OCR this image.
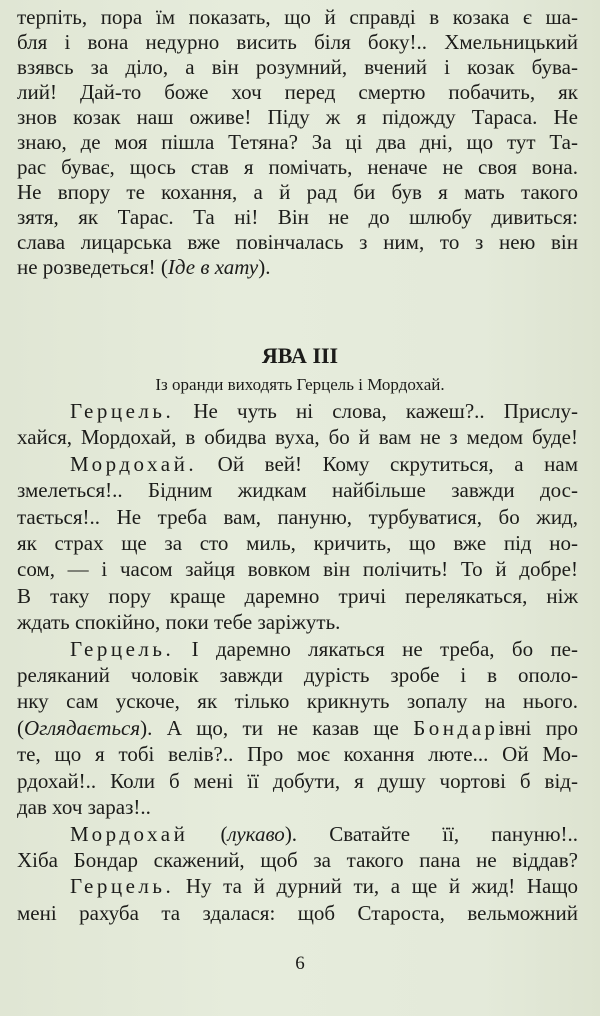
терпіть, пора їм показать, що й справді в козака є ша-
бля і вона недурно висить біля боку!.. Хмельницький
взявсь за діло, а він розумний, вчений і козак бува-
лий! Дай-то боже хоч перед смертю побачить, як
знов козак наш оживе! Піду ж я підожду Тараса. Не
знаю, де моя пішла Тетяна? За ці два дні, що тут Та-
рас буває, щось став я помічать, неначе не своя вона.
Не впору те кохання, а й рад би був я мать такого
зятя, як Тарас. Та ні! Він не до шлюбу дивиться:
слава лицарська вже повінчалась з ним, то з нею він
не розведеться! (Іде в хату).
ЯВА III
Із оранди виходять Герцель і Мордохай.
Герцель. Не чуть ні слова, кажеш?.. Прислу-
хайся, Мордохай, в обидва вуха, бо й вам не з медом буде!
Мордохай. Ой вей! Кому скрутиться, а нам
змелеться!.. Бідним жидкам найбільше завжди дос-
тається!.. Не треба вам, пануню, турбуватися, бо жид,
як страх ще за сто миль, кричить, що вже під но-
сом, — і часом зайця вовком він полічить! То й добре!
В таку пору краще даремно тричі перелякаться, ніж
ждать спокійно, поки тебе заріжуть.
Герцель. І даремно лякаться не треба, бо пе-
реляканий чоловік завжди дурість зробе і в ополо-
нку сам ускоче, як тілько крикнуть зопалу на нього.
(Оглядається). А що, ти не казав ще Бондарівні про
те, що я тобі велів?.. Про моє кохання люте... Ой Мо-
рдохай!.. Коли б мені її добути, я душу чортові б від-
дав хоч зараз!..
Мордохай (лукаво). Сватайте її, пануню!..
Хіба Бондар скажений, щоб за такого пана не віддав?
Герцель. Ну та й дурний ти, а ще й жид! Нащо
мені рахуба та здалася: щоб Староста, вельможний
6
